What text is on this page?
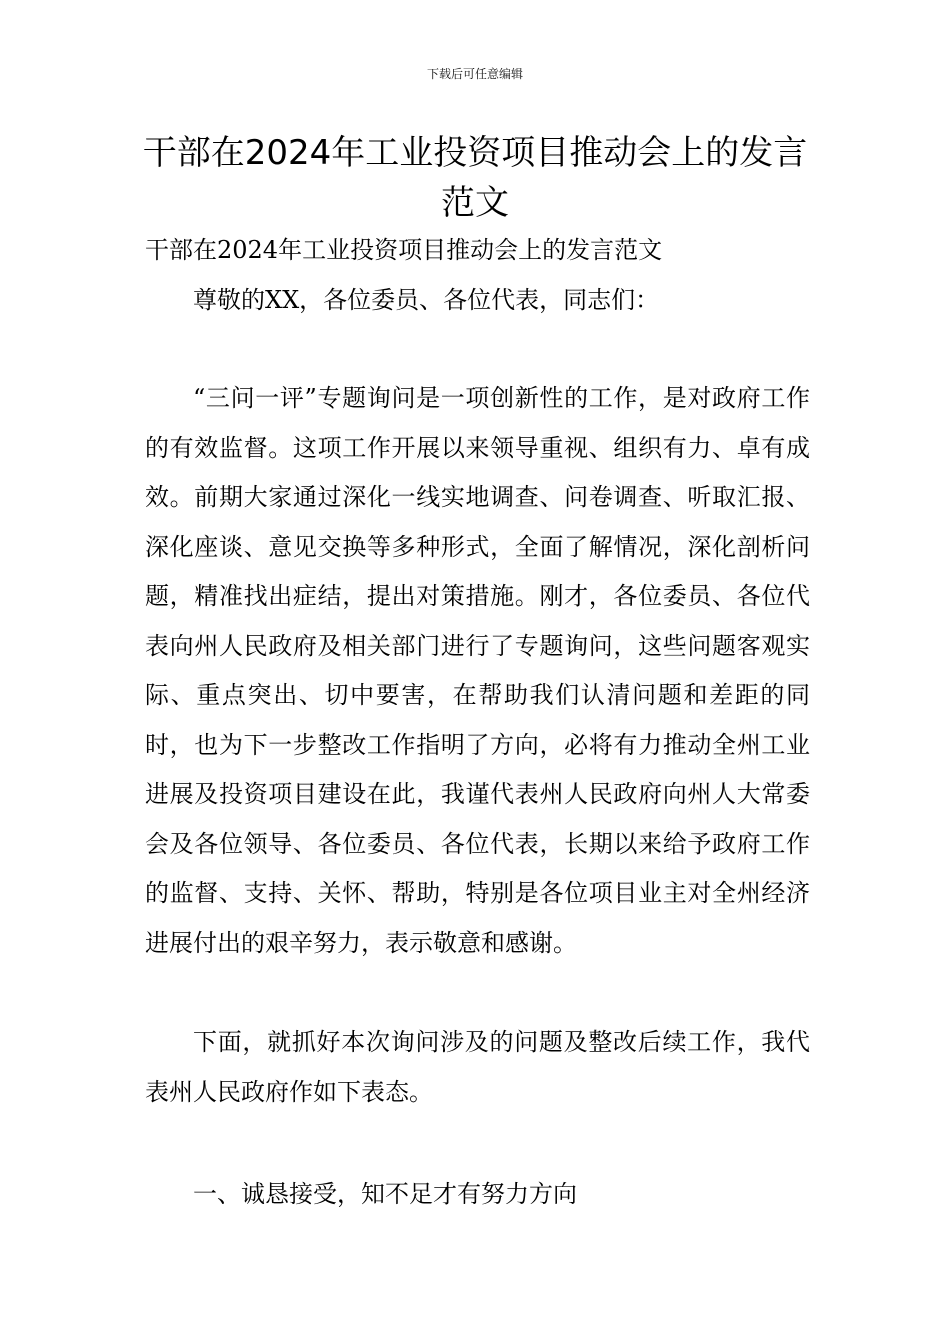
下载后可任意编辑
干部在2024年工业投资项目推动会上的发言范文

干部在2024年工业投资项目推动会上的发言范文

尊敬的XX，各位委员、各位代表，同志们：

“三问一评”专题询问是一项创新性的工作，是对政府工作的有效监督。这项工作开展以来领导重视、组织有力、卓有成效。前期大家通过深化一线实地调查、问卷调查、听取汇报、深化座谈、意见交换等多种形式，全面了解情况，深化剖析问题，精准找出症结，提出对策措施。刚才，各位委员、各位代表向州人民政府及相关部门进行了专题询问，这些问题客观实际、重点突出、切中要害，在帮助我们认清问题和差距的同时，也为下一步整改工作指明了方向，必将有力推动全州工业进展及投资项目建设在此，我谨代表州人民政府向州人大常委会及各位领导、各位委员、各位代表，长期以来给予政府工作的监督、支持、关怀、帮助，特别是各位项目业主对全州经济进展付出的艰辛努力，表示敬意和感谢。

下面，就抓好本次询问涉及的问题及整改后续工作，我代表州人民政府作如下表态。

一、诚恳接受，知不足才有努力方向
